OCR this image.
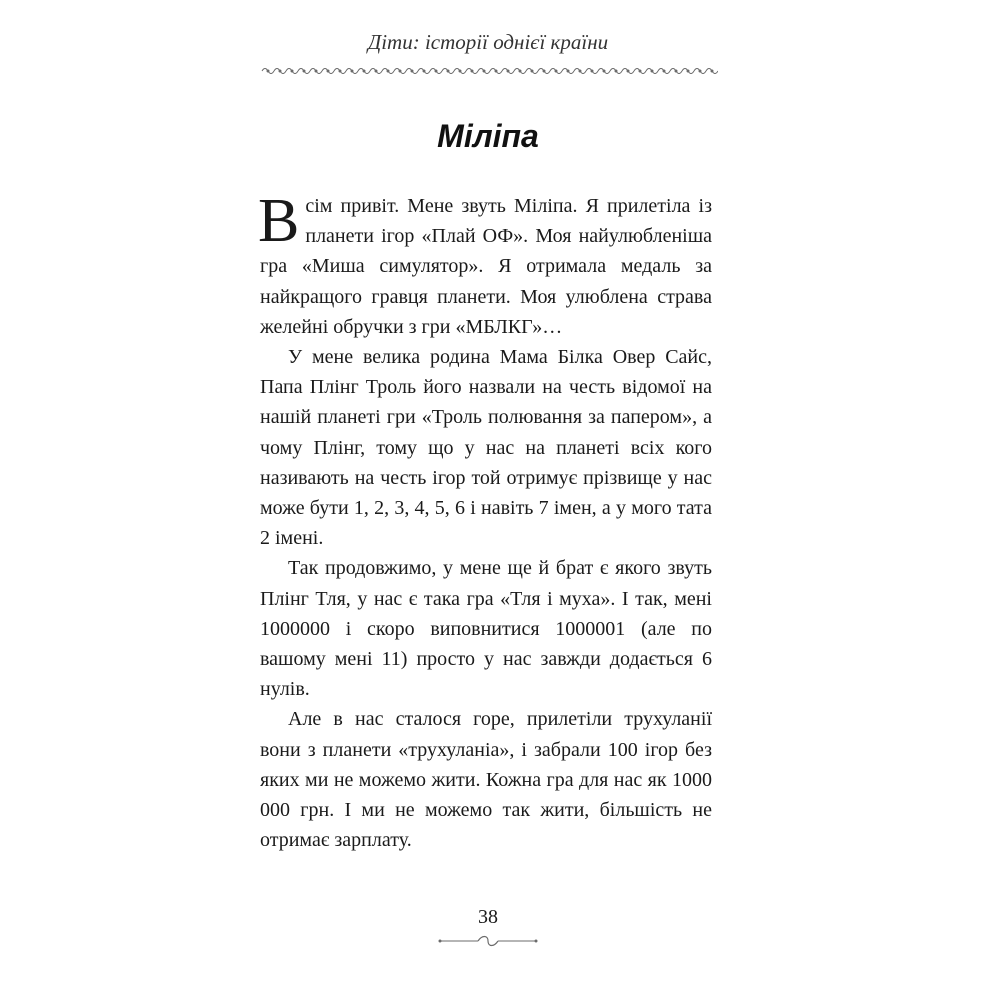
Діти: історії однієї країни
Міліпа

Всім привіт. Мене звуть Міліпа. Я прилетіла із планети ігор «Плай ОФ». Моя найулюбленіша гра «Миша симулятор». Я отримала медаль за найкращого гравця планети. Моя улюблена страва желейні обручки з гри «МБЛКГ»…

У мене велика родина Мама Білка Овер Сайс, Папа Плінг Троль його назвали на честь відомої на нашій планеті гри «Троль полювання за папером», а чому Плінг, тому що у нас на планеті всіх кого називають на честь ігор той отримує прізвище у нас може бути 1, 2, 3, 4, 5, 6 і навіть 7 імен, а у мого тата 2 імені.

Так продовжимо, у мене ще й брат є якого звуть Плінг Тля, у нас є така гра «Тля і муха». І так, мені 1000000 і скоро виповнитися 1000001 (але по вашому мені 11) просто у нас завжди додається 6 нулів.

Але в нас сталося горе, прилетіли трухуланії вони з планети «трухуланіа», і забрали 100 ігор без яких ми не можемо жити. Кожна гра для нас як 1000 000 грн. І ми не можемо так жити, більшість не отримає зарплату.

38
